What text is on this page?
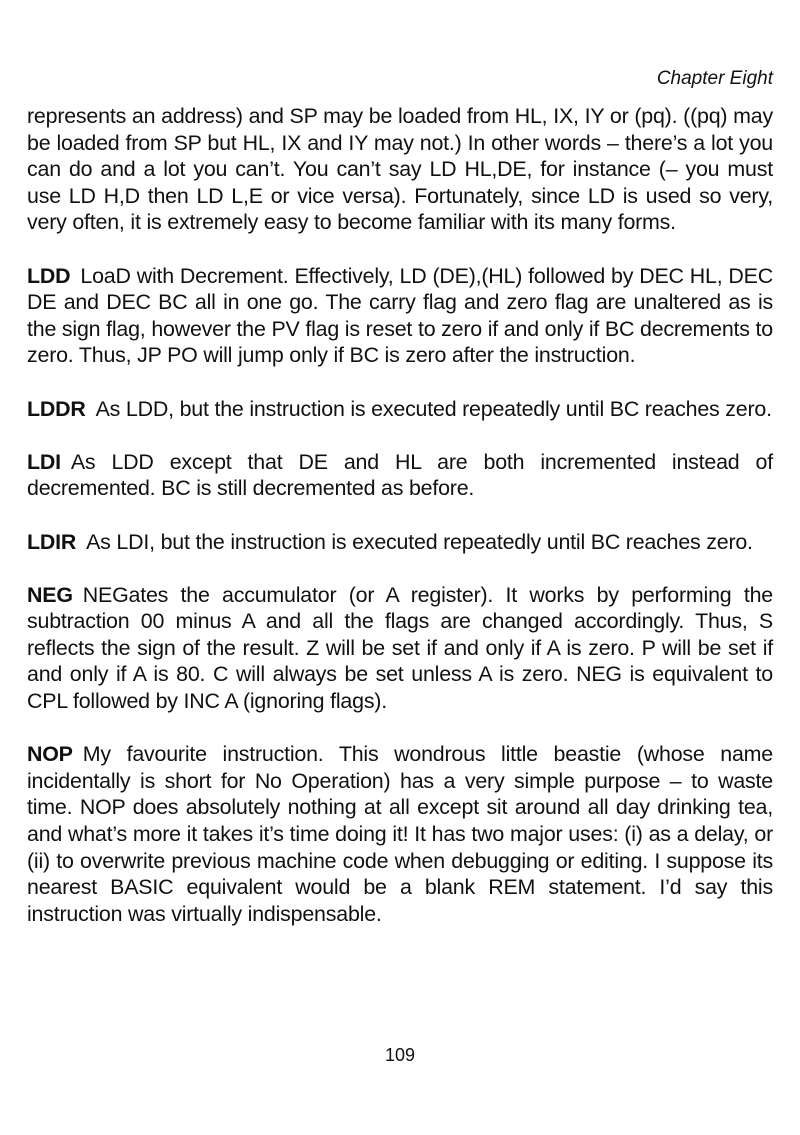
Chapter Eight

represents an address) and SP may be loaded from HL, IX, IY or (pq). ((pq) may be loaded from SP but HL, IX and IY may not.) In other words – there’s a lot you can do and a lot you can’t. You can’t say LD HL,DE, for instance (– you must use LD H,D then LD L,E or vice versa). Fortunately, since LD is used so very, very often, it is extremely easy to become familiar with its many forms.

LDD LoaD with Decrement. Effectively, LD (DE),(HL) followed by DEC HL, DEC DE and DEC BC all in one go. The carry flag and zero flag are unaltered as is the sign flag, however the PV flag is reset to zero if and only if BC decrements to zero. Thus, JP PO will jump only if BC is zero after the instruction.

LDDR As LDD, but the instruction is executed repeatedly until BC reaches zero.

LDI As LDD except that DE and HL are both incremented instead of decremented. BC is still decremented as before.

LDIR As LDI, but the instruction is executed repeatedly until BC reaches zero.

NEG NEGates the accumulator (or A register). It works by performing the subtraction 00 minus A and all the flags are changed accordingly. Thus, S reflects the sign of the result. Z will be set if and only if A is zero. P will be set if and only if A is 80. C will always be set unless A is zero. NEG is equivalent to CPL followed by INC A (ignoring flags).

NOP My favourite instruction. This wondrous little beastie (whose name incidentally is short for No Operation) has a very simple purpose – to waste time. NOP does absolutely nothing at all except sit around all day drinking tea, and what’s more it takes it’s time doing it! It has two major uses: (i) as a delay, or (ii) to overwrite previous machine code when debugging or editing. I suppose its nearest BASIC equivalent would be a blank REM statement. I’d say this instruction was virtually indispensable.

109
